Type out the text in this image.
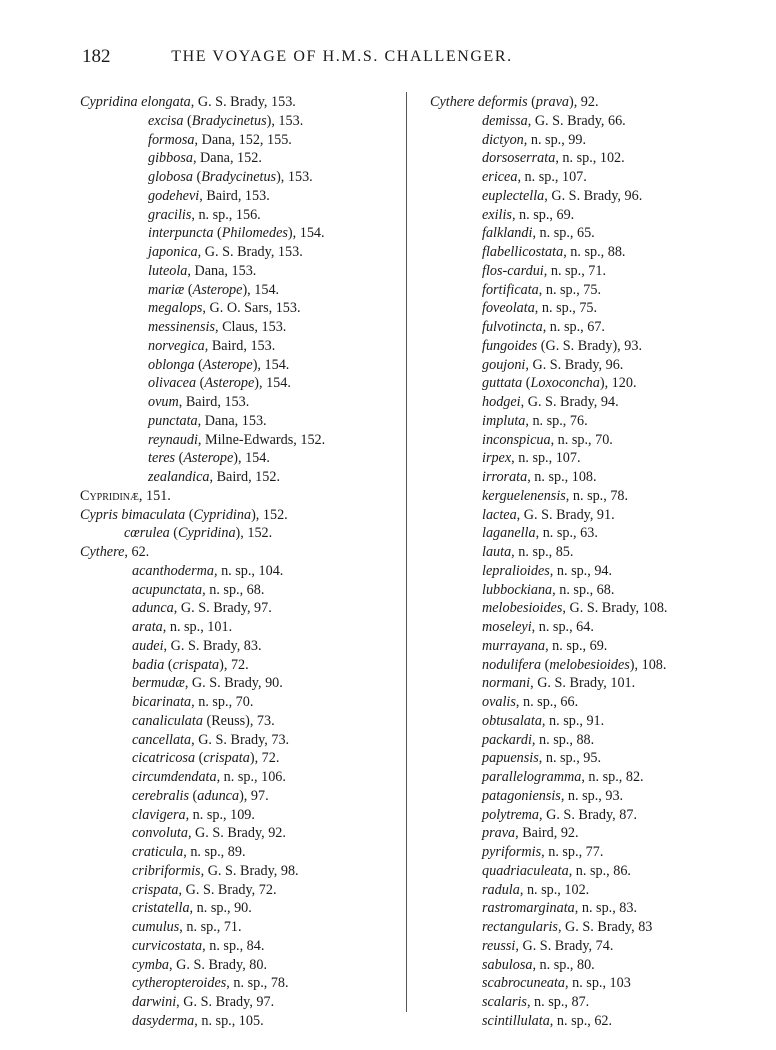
182	THE VOYAGE OF H.M.S. CHALLENGER.
Cypridina elongata, G. S. Brady, 153.
excisa (Bradycinetus), 153.
formosa, Dana, 152, 155.
gibbosa, Dana, 152.
globosa (Bradycinetus), 153.
godehevi, Baird, 153.
gracilis, n. sp., 156.
interpuncta (Philomedes), 154.
japonica, G. S. Brady, 153.
luteola, Dana, 153.
mariæ (Asterope), 154.
megalops, G. O. Sars, 153.
messinensis, Claus, 153.
norvegica, Baird, 153.
oblonga (Asterope), 154.
olivacea (Asterope), 154.
ovum, Baird, 153.
punctata, Dana, 153.
reynaudi, Milne-Edwards, 152.
teres (Asterope), 154.
zealandica, Baird, 152.
Cypridinæ, 151.
Cypris bimaculata (Cypridina), 152.
cœrulea (Cypridina), 152.
Cythere, 62.
acanthoderma, n. sp., 104.
acupunctata, n. sp., 68.
adunca, G. S. Brady, 97.
arata, n. sp., 101.
audei, G. S. Brady, 83.
badia (crispata), 72.
bermudæ, G. S. Brady, 90.
bicarinata, n. sp., 70.
canaliculata (Reuss), 73.
cancellata, G. S. Brady, 73.
cicatricosa (crispata), 72.
circumdendata, n. sp., 106.
cerebralis (adunca), 97.
clavigera, n. sp., 109.
convoluta, G. S. Brady, 92.
craticula, n. sp., 89.
cribriformis, G. S. Brady, 98.
crispata, G. S. Brady, 72.
cristatella, n. sp., 90.
cumulus, n. sp., 71.
curvicostata, n. sp., 84.
cymba, G. S. Brady, 80.
cytheropteroides, n. sp., 78.
darwini, G. S. Brady, 97.
dasyderma, n. sp., 105.
Cythere deformis (prava), 92.
demissa, G. S. Brady, 66.
dictyon, n. sp., 99.
dorsoserrata, n. sp., 102.
ericea, n. sp., 107.
euplectella, G. S. Brady, 96.
exilis, n. sp., 69.
falklandi, n. sp., 65.
flabellicostata, n. sp., 88.
flos-cardui, n. sp., 71.
fortificata, n. sp., 75.
foveolata, n. sp., 75.
fulvotincta, n. sp., 67.
fungoides (G. S. Brady), 93.
goujoni, G. S. Brady, 96.
guttata (Loxoconcha), 120.
hodgei, G. S. Brady, 94.
impluta, n. sp., 76.
inconspicua, n. sp., 70.
irpex, n. sp., 107.
irrorata, n. sp., 108.
kerguelenensis, n. sp., 78.
lactea, G. S. Brady, 91.
laganella, n. sp., 63.
lauta, n. sp., 85.
lepralioides, n. sp., 94.
lubbockiana, n. sp., 68.
melobesioides, G. S. Brady, 108.
moseleyi, n. sp., 64.
murrayana, n. sp., 69.
nodulifera (melobesioides), 108.
normani, G. S. Brady, 101.
ovalis, n. sp., 66.
obtusalata, n. sp., 91.
packardi, n. sp., 88.
papuensis, n. sp., 95.
parallelogramma, n. sp., 82.
patagoniensis, n. sp., 93.
polytrema, G. S. Brady, 87.
prava, Baird, 92.
pyriformis, n. sp., 77.
quadriaculeata, n. sp., 86.
radula, n. sp., 102.
rastromarginata, n. sp., 83.
rectangularis, G. S. Brady, 83
reussi, G. S. Brady, 74.
sabulosa, n. sp., 80.
scabrocuneata, n. sp., 103
scalaris, n. sp., 87.
scintillulata, n. sp., 62.
